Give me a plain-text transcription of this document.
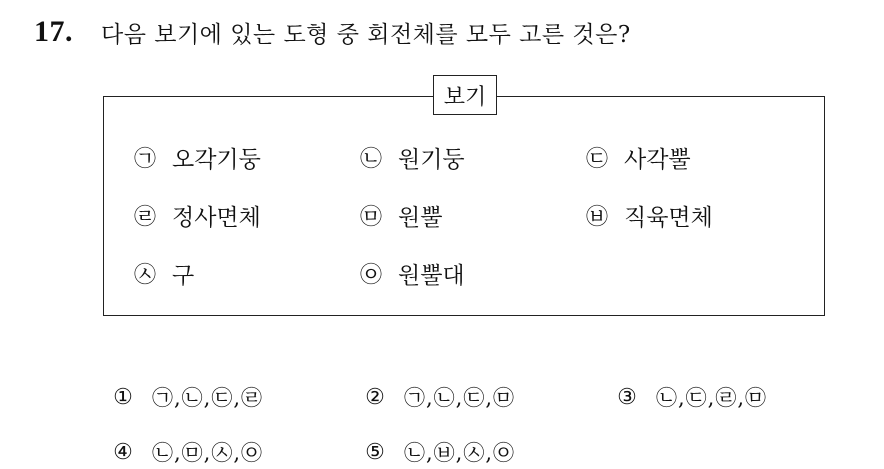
17. 다음 보기에 있는 도형 중 회전체를 모두 고른 것은?
보기
㉠ 오각기둥	㉡ 원기둥	㉢ 사각뿔
㉣ 정사면체	㉤ 원뿔	㉥ 직육면체
㉦ 구	㉧ 원뿔대
① ㉠,㉡,㉢,㉣	② ㉠,㉡,㉢,㉤	③ ㉡,㉢,㉣,㉤
④ ㉡,㉤,㉦,㉧	⑤ ㉡,㉥,㉦,㉧
